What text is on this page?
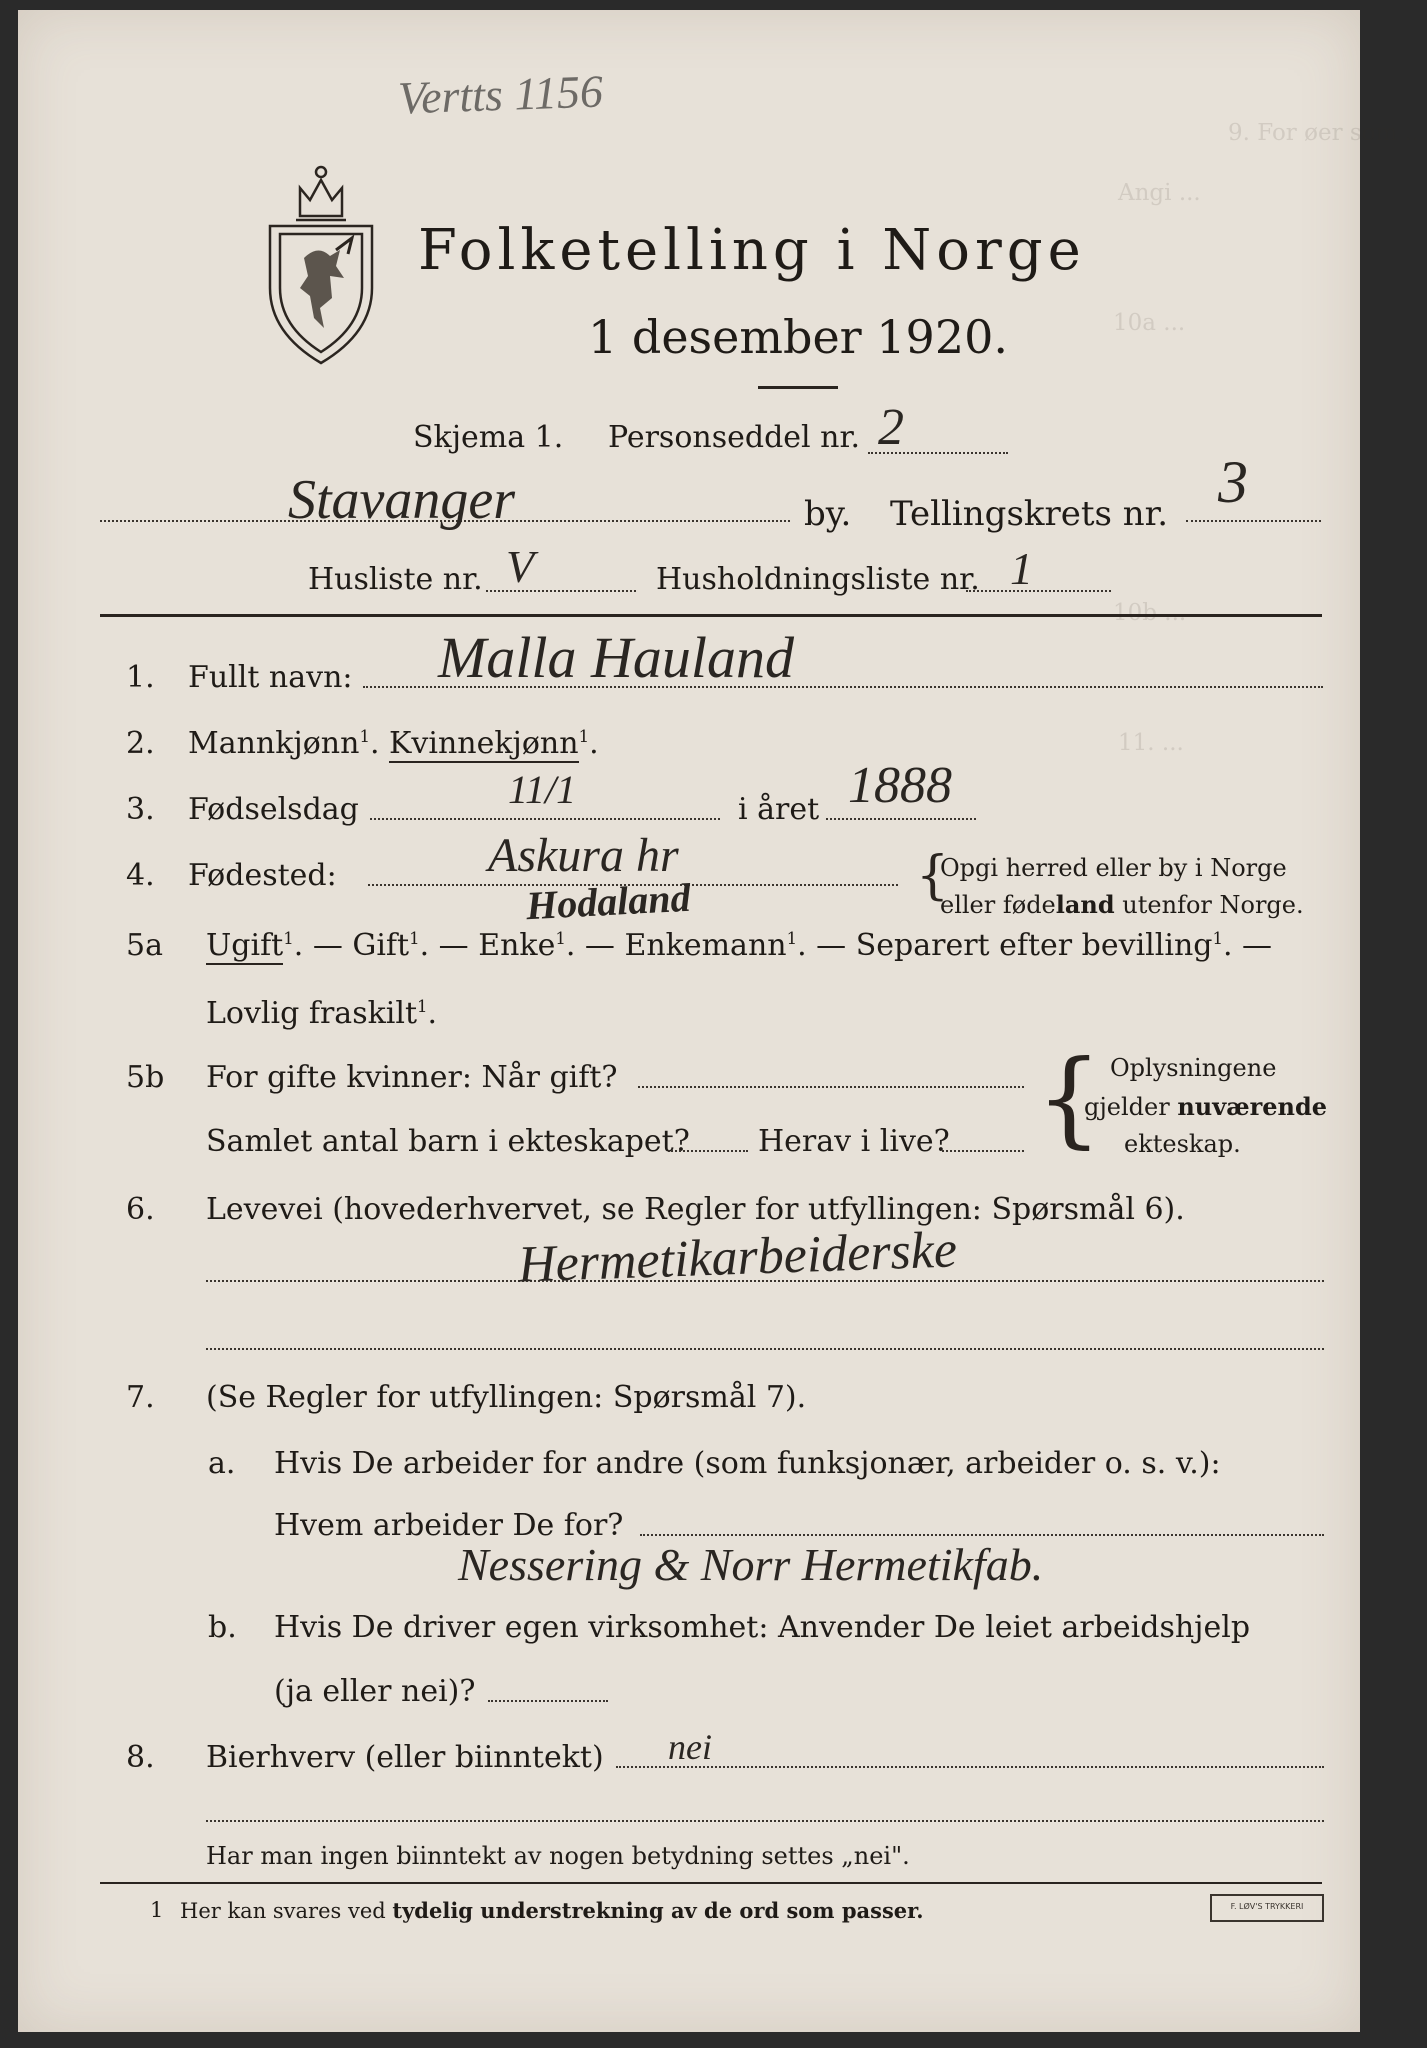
9. For øer som ...
Angi ...
10a ...
10b ...
11. ...
Vertts 1156
Folketelling i Norge
1 desember 1920.
Skjema 1. Personseddel nr. 2
Stavanger	by. Tellingskrets nr. 3
Husliste nr. V	Husholdningsliste nr. 1
1. Fullt navn: Malla Hauland
2. Mannkjønn$^1$. Kvinnekjønn$^1$.
3. Fødselsdag	11/1	i året 1888
4. Fødested:	Askura hr
Hodaland	{
Opgi herred eller by i Norge
eller fødeland utenfor Norge.
5a Ugift$^1$. — Gift$^1$. — Enke$^1$. — Enkemann$^1$. — Separert efter bevilling$^1$. —
Lovlig fraskilt$^1$.
5b For gifte kvinner: Når gift?
Samlet antal barn i ekteskapet? Herav i live? { Oplysningene
gjelder nuværende
ekteskap.
6. Levevei (hovederhvervet, se Regler for utfyllingen: Spørsmål 6).
Hermetikarbeiderske
7. (Se Regler for utfyllingen: Spørsmål 7).
a. Hvis De arbeider for andre (som funksjonær, arbeider o. s. v.):
Hvem arbeider De for?
Nessering & Norr Hermetikfab.
b. Hvis De driver egen virksomhet: Anvender De leiet arbeidshjelp
(ja eller nei)?
8. Bierhverv (eller biinntekt) nei
Har man ingen biinntekt av nogen betydning settes „nei".
1 Her kan svares ved tydelig understrekning av de ord som passer.	F. LØV'S TRYKKERI
